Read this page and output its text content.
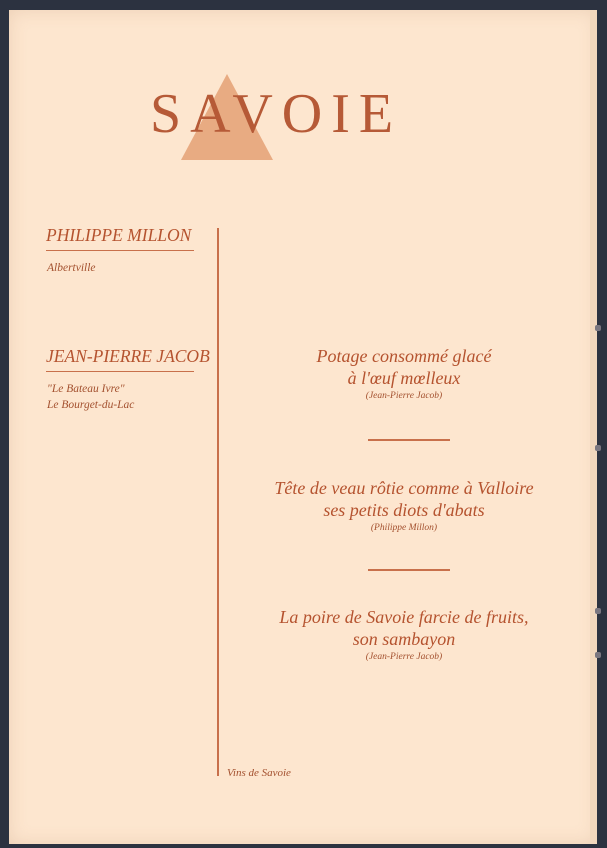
SAVOIE
PHILIPPE MILLON
Albertville
JEAN-PIERRE JACOB
"Le Bateau Ivre"
Le Bourget-du-Lac
Potage consommé glacé
à l'œuf mœlleux
(Jean-Pierre Jacob)
Tête de veau rôtie comme à Valloire
ses petits diots d'abats
(Philippe Millon)
La poire de Savoie farcie de fruits,
son sambayon
(Jean-Pierre Jacob)
Vins de Savoie
